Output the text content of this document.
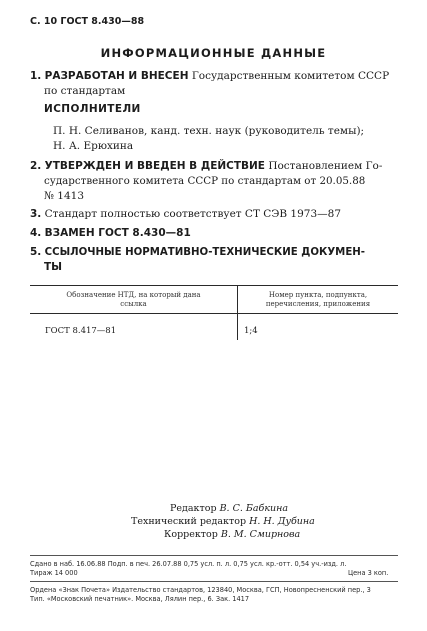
С. 10 ГОСТ 8.430—88
ИНФОРМАЦИОННЫЕ ДАННЫЕ
1. РАЗРАБОТАН И ВНЕСЕН Государственным комитетом СССР
по стандартам
ИСПОЛНИТЕЛИ
П. Н. Селиванов, канд. техн. наук (руководитель темы);
Н. А. Ерюхина
2. УТВЕРЖДЕН И ВВЕДЕН В ДЕЙСТВИЕ Постановлением Го-
сударственного комитета СССР по стандартам от 20.05.88
№ 1413
3. Стандарт полностью соответствует СТ СЭВ 1973—87
4. ВЗАМЕН ГОСТ 8.430—81
5. ССЫЛОЧНЫЕ НОРМАТИВНО-ТЕХНИЧЕСКИЕ ДОКУМЕН-
ТЫ
Обозначение НТД, на который дана
ссылка
Номер пункта, подпункта,
перечисления, приложения
ГОСТ 8.417—81	1;4
Редактор В. С. Бабкина
Технический редактор Н. Н. Дубина
Корректор В. М. Смирнова
Сдано в наб. 16.06.88 Подп. в печ. 26.07.88 0,75 усл. п. л. 0,75 усл. кр.-отт. 0,54 уч.-изд. л.
Тираж 14 000	Цена 3 коп.
Ордена «Знак Почета» Издательство стандартов, 123840, Москва, ГСП, Новопресненский пер., 3
Тип. «Московский печатник». Москва, Лялин пер., 6. Зак. 1417
